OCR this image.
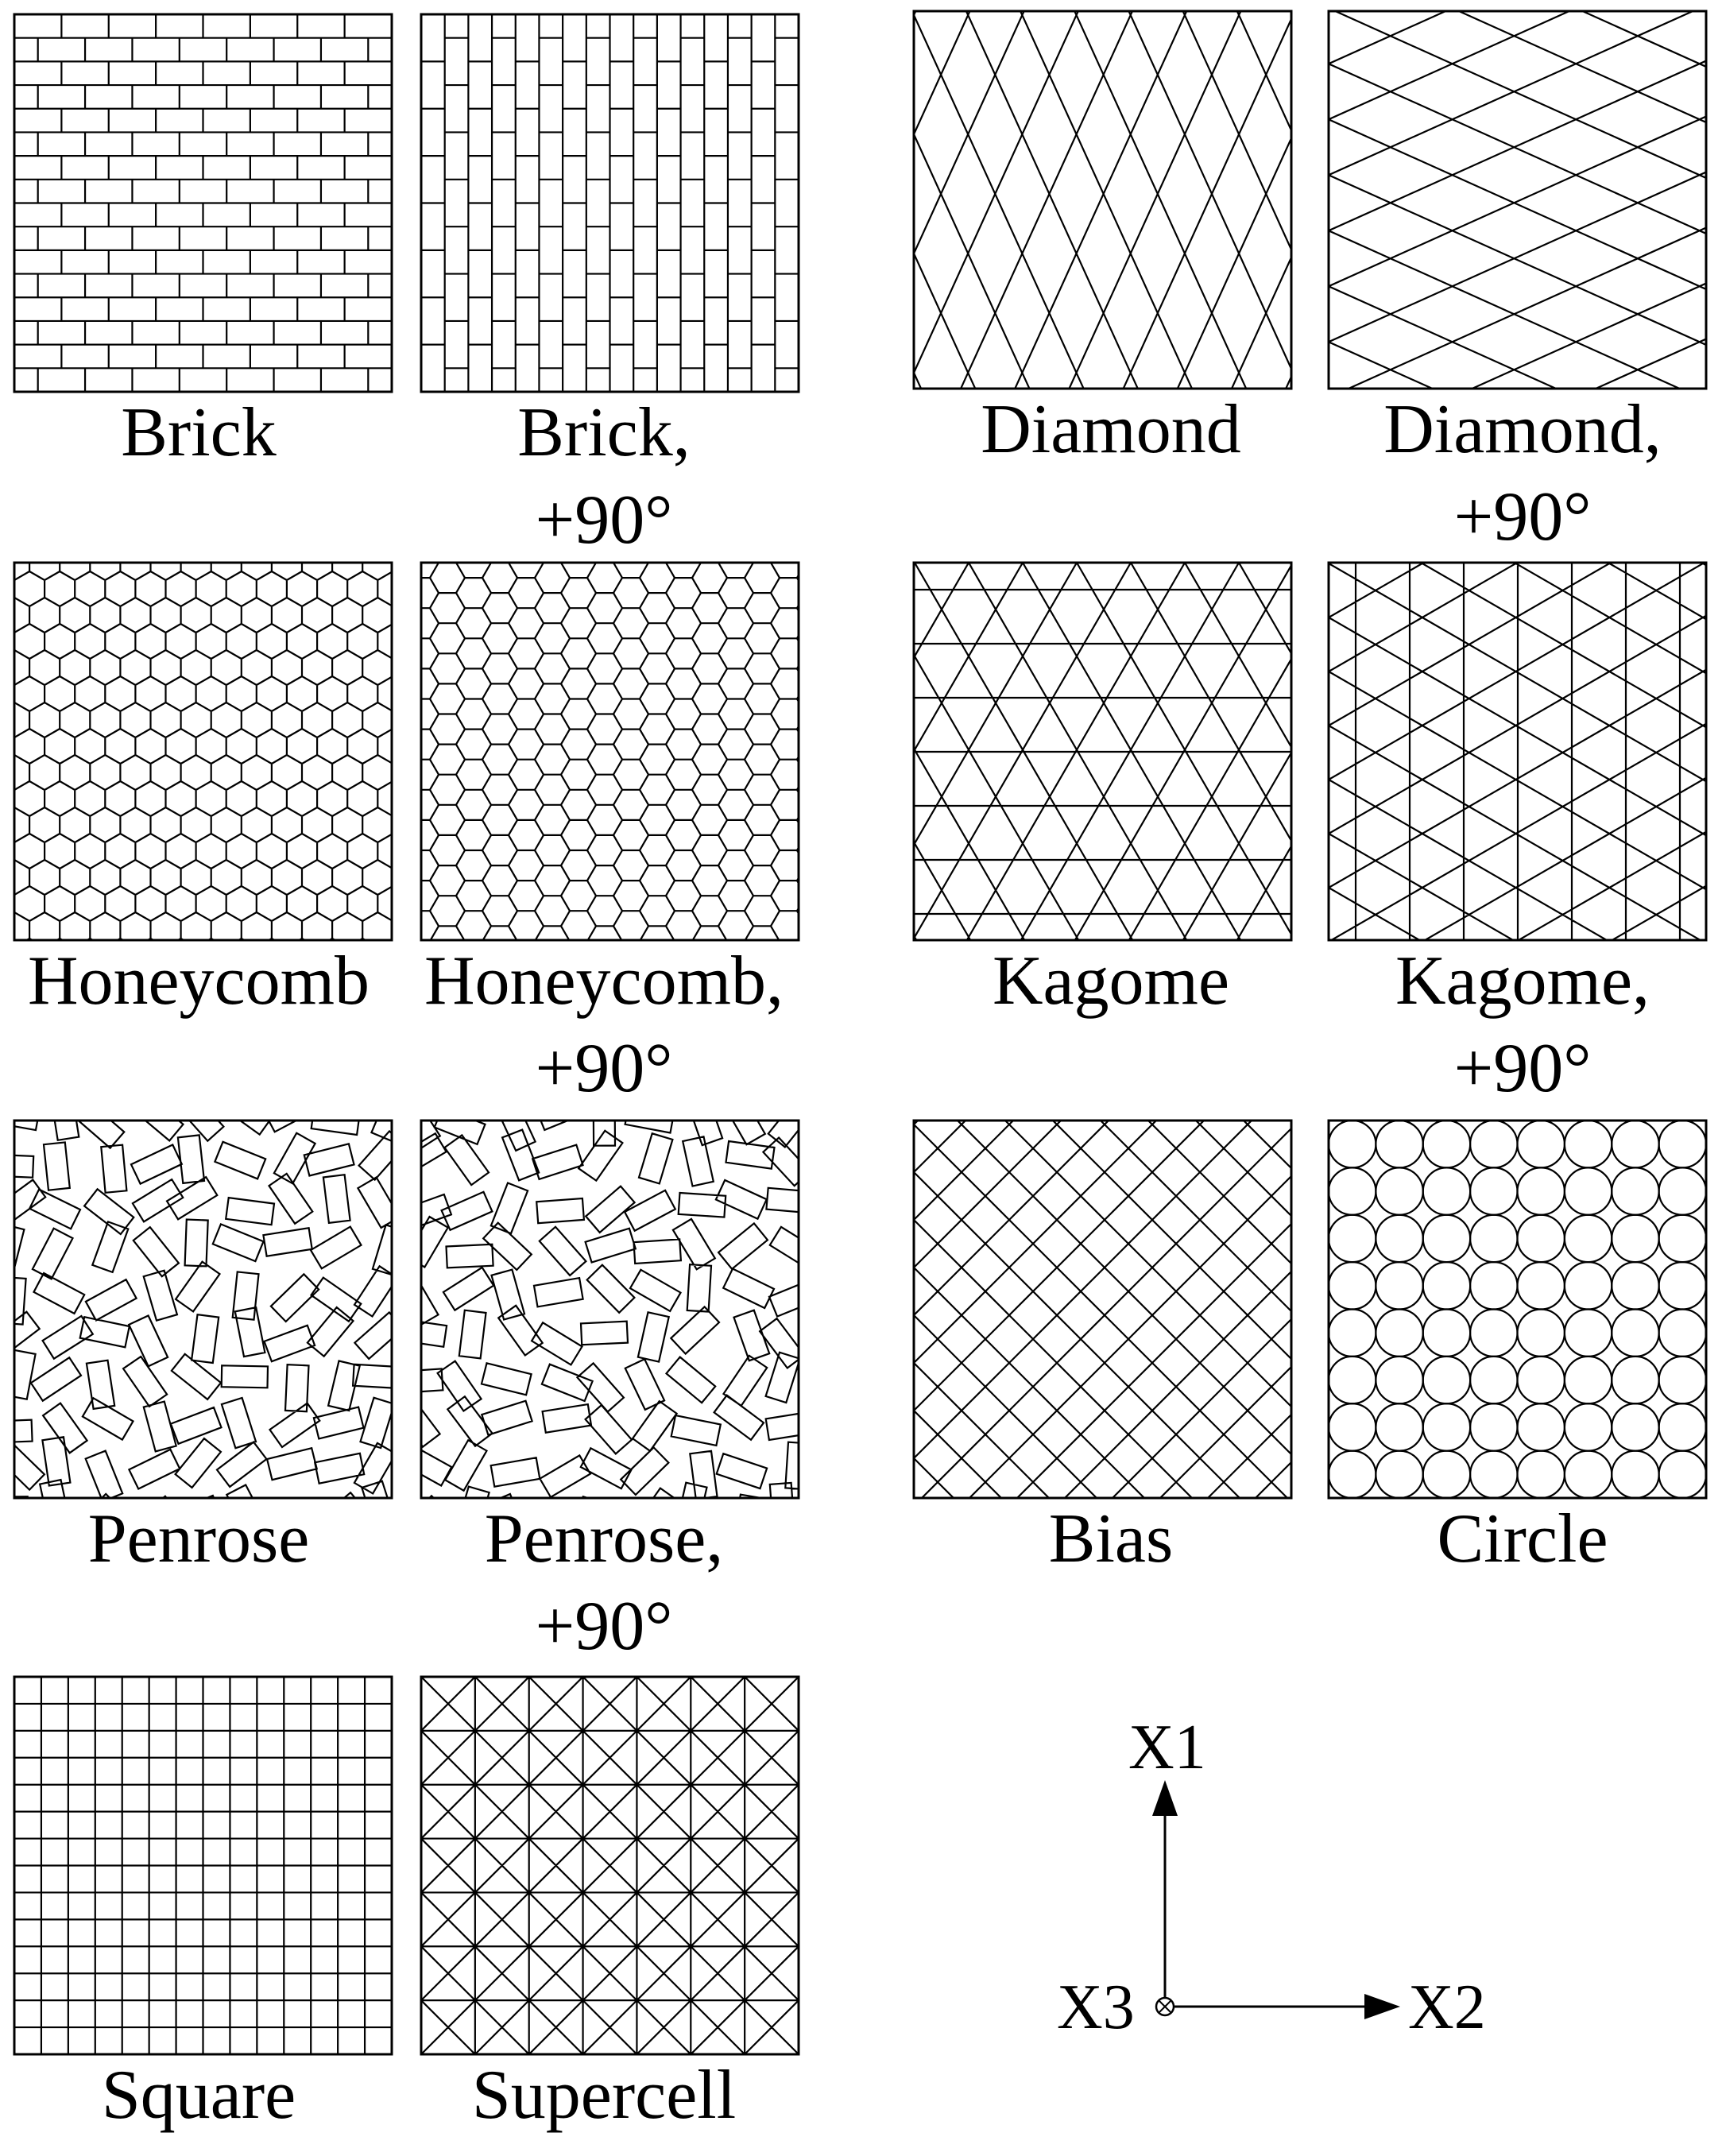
Brick	Brick,
+90°
Diamond Diamond,
+90°
Honeycomb Honeycomb,
+90°
Kagome Kagome,
+90°
Penrose	Penrose,
+90°
Bias	Circle
Square	Supercell
X1
X2
X3
